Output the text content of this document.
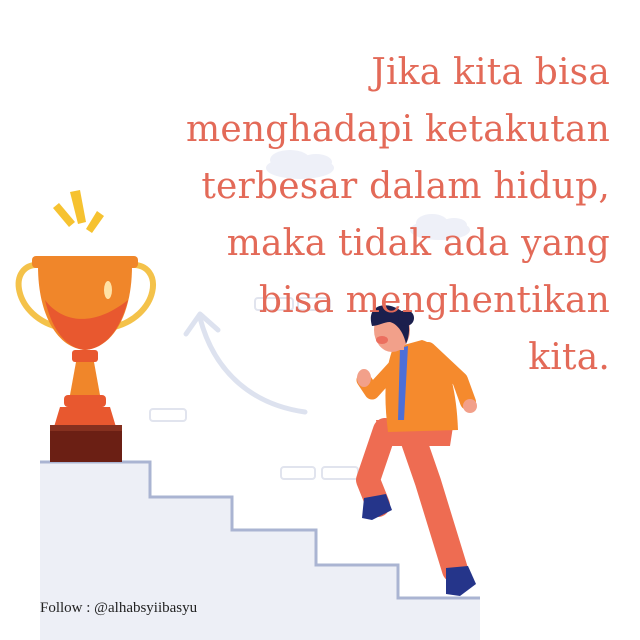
Jika kita bisa
menghadapi ketakutan
terbesar dalam hidup,
maka tidak ada yang
bisa menghentikan
kita.
Follow : @alhabsyiibasyu
